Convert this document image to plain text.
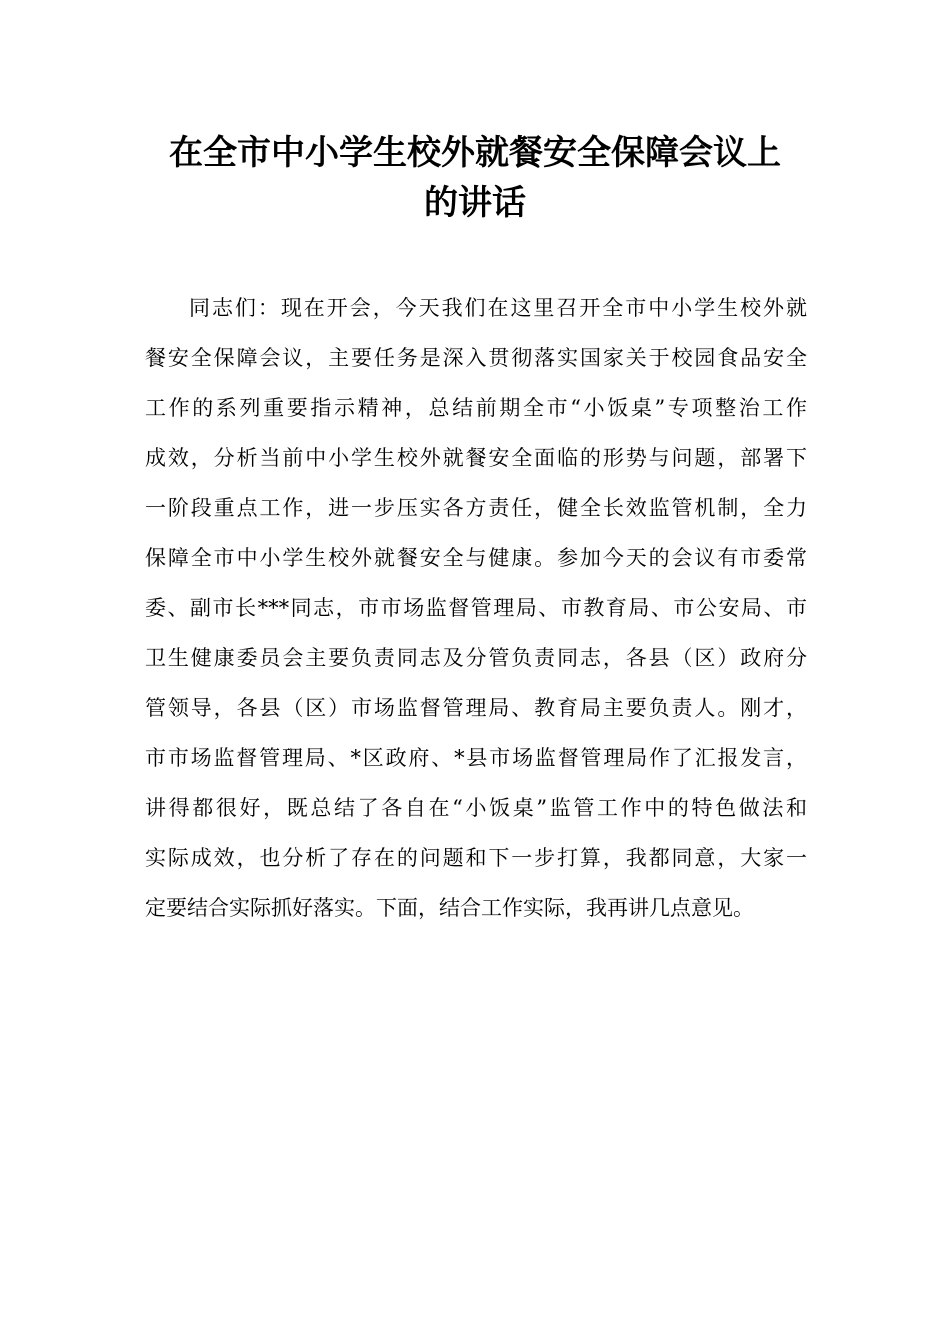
在全市中小学生校外就餐安全保障会议上
的讲话
同志们：现在开会，今天我们在这里召开全市中小学生校外就
餐安全保障会议，主要任务是深入贯彻落实国家关于校园食品安全
工作的系列重要指示精神，总结前期全市“小饭桌”专项整治工作
成效，分析当前中小学生校外就餐安全面临的形势与问题，部署下
一阶段重点工作，进一步压实各方责任，健全长效监管机制，全力
保障全市中小学生校外就餐安全与健康。参加今天的会议有市委常
委、副市长***同志，市市场监督管理局、市教育局、市公安局、市
卫生健康委员会主要负责同志及分管负责同志，各县（区）政府分
管领导，各县（区）市场监督管理局、教育局主要负责人。刚才，
市市场监督管理局、*区政府、*县市场监督管理局作了汇报发言，
讲得都很好，既总结了各自在“小饭桌”监管工作中的特色做法和
实际成效，也分析了存在的问题和下一步打算，我都同意，大家一
定要结合实际抓好落实。下面，结合工作实际，我再讲几点意见。
